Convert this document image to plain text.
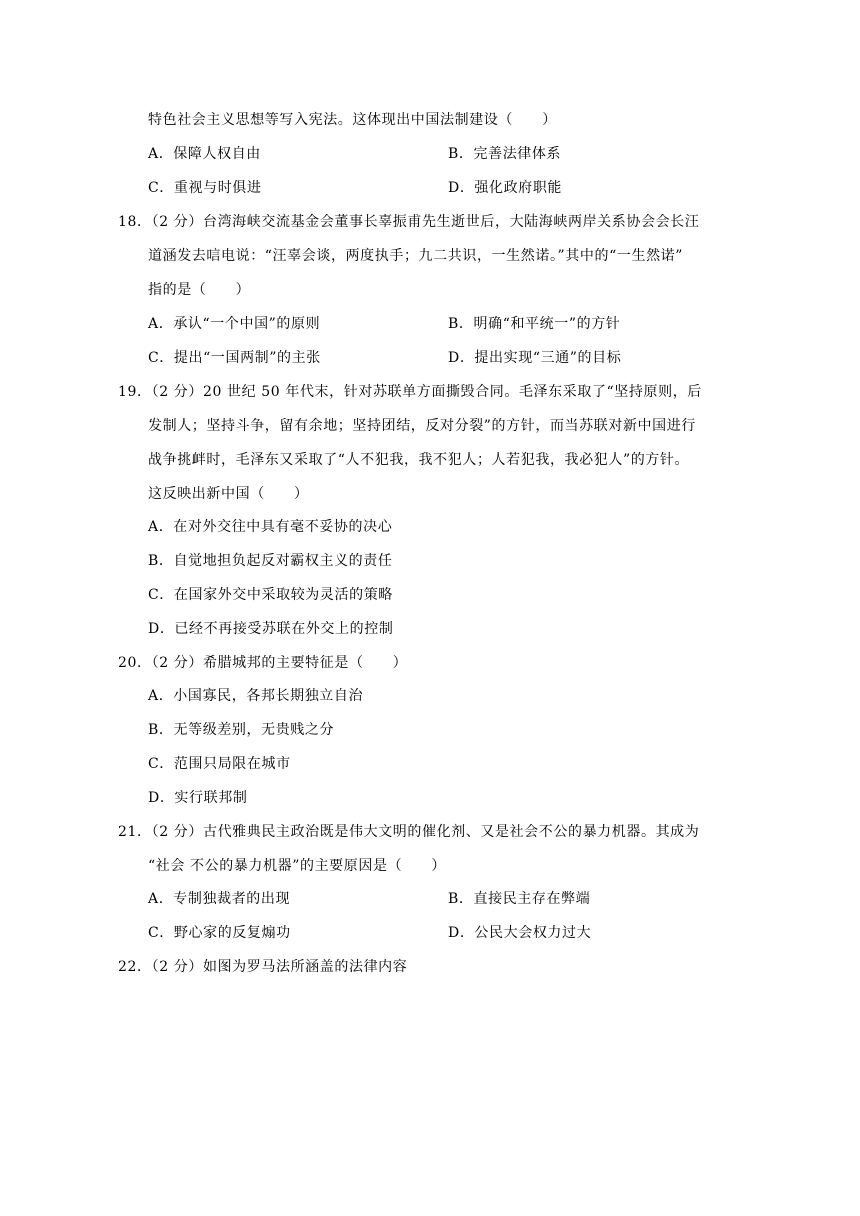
特色社会主义思想等写入宪法。这体现出中国法制建设（　　）
A．保障人权自由	B．完善法律体系
C．重视与时俱进	D．强化政府职能
18．（2 分）台湾海峡交流基金会董事长辜振甫先生逝世后，大陆海峡两岸关系协会会长汪
道涵发去唁电说：“汪辜会谈，两度执手；九二共识，一生然诺。”其中的“一生然诺”
指的是（　　）
A．承认“一个中国”的原则	B．明确“和平统一”的方针
C．提出“一国两制”的主张	D．提出实现“三通”的目标
19．（2 分）20 世纪 50 年代末，针对苏联单方面撕毁合同。毛泽东采取了“坚持原则，后
发制人；坚持斗争，留有余地；坚持团结，反对分裂”的方针，而当苏联对新中国进行
战争挑衅时，毛泽东又采取了“人不犯我，我不犯人；人若犯我，我必犯人”的方针。
这反映出新中国（　　）
A．在对外交往中具有毫不妥协的决心
B．自觉地担负起反对霸权主义的责任
C．在国家外交中采取较为灵活的策略
D．已经不再接受苏联在外交上的控制
20．（2 分）希腊城邦的主要特征是（　　）
A．小国寡民，各邦长期独立自治
B．无等级差别，无贵贱之分
C．范围只局限在城市
D．实行联邦制
21．（2 分）古代雅典民主政治既是伟大文明的催化剂、又是社会不公的暴力机器。其成为
“社会 不公的暴力机器”的主要原因是（　　）
A．专制独裁者的出现	B．直接民主存在弊端
C．野心家的反复煽功	D．公民大会权力过大
22．（2 分）如图为罗马法所涵盖的法律内容
